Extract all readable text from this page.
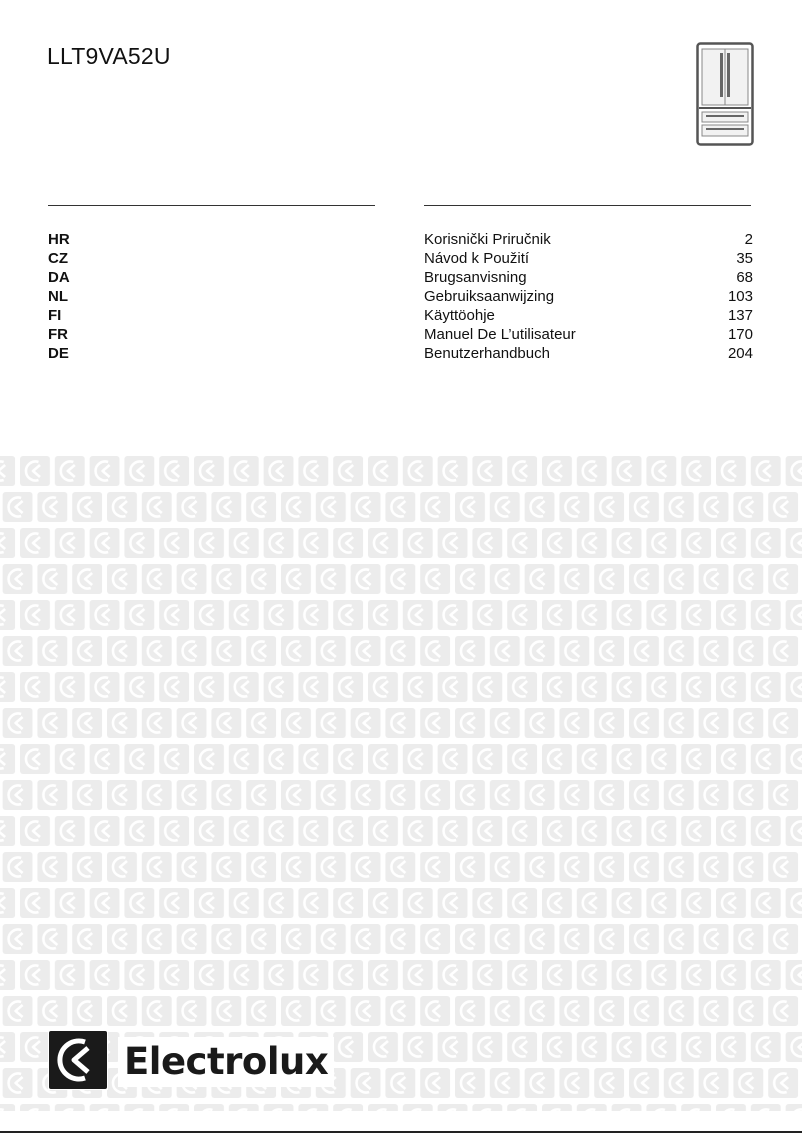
LLT9VA52U
HR	Korisnički Priručnik	2
CZ	Návod k Použití	35
DA	Brugsanvisning	68
NL	Gebruiksaanwijzing	103
FI	Käyttöohje	137
FR	Manuel De L’utilisateur	170
DE	Benutzerhandbuch	204
Electrolux
